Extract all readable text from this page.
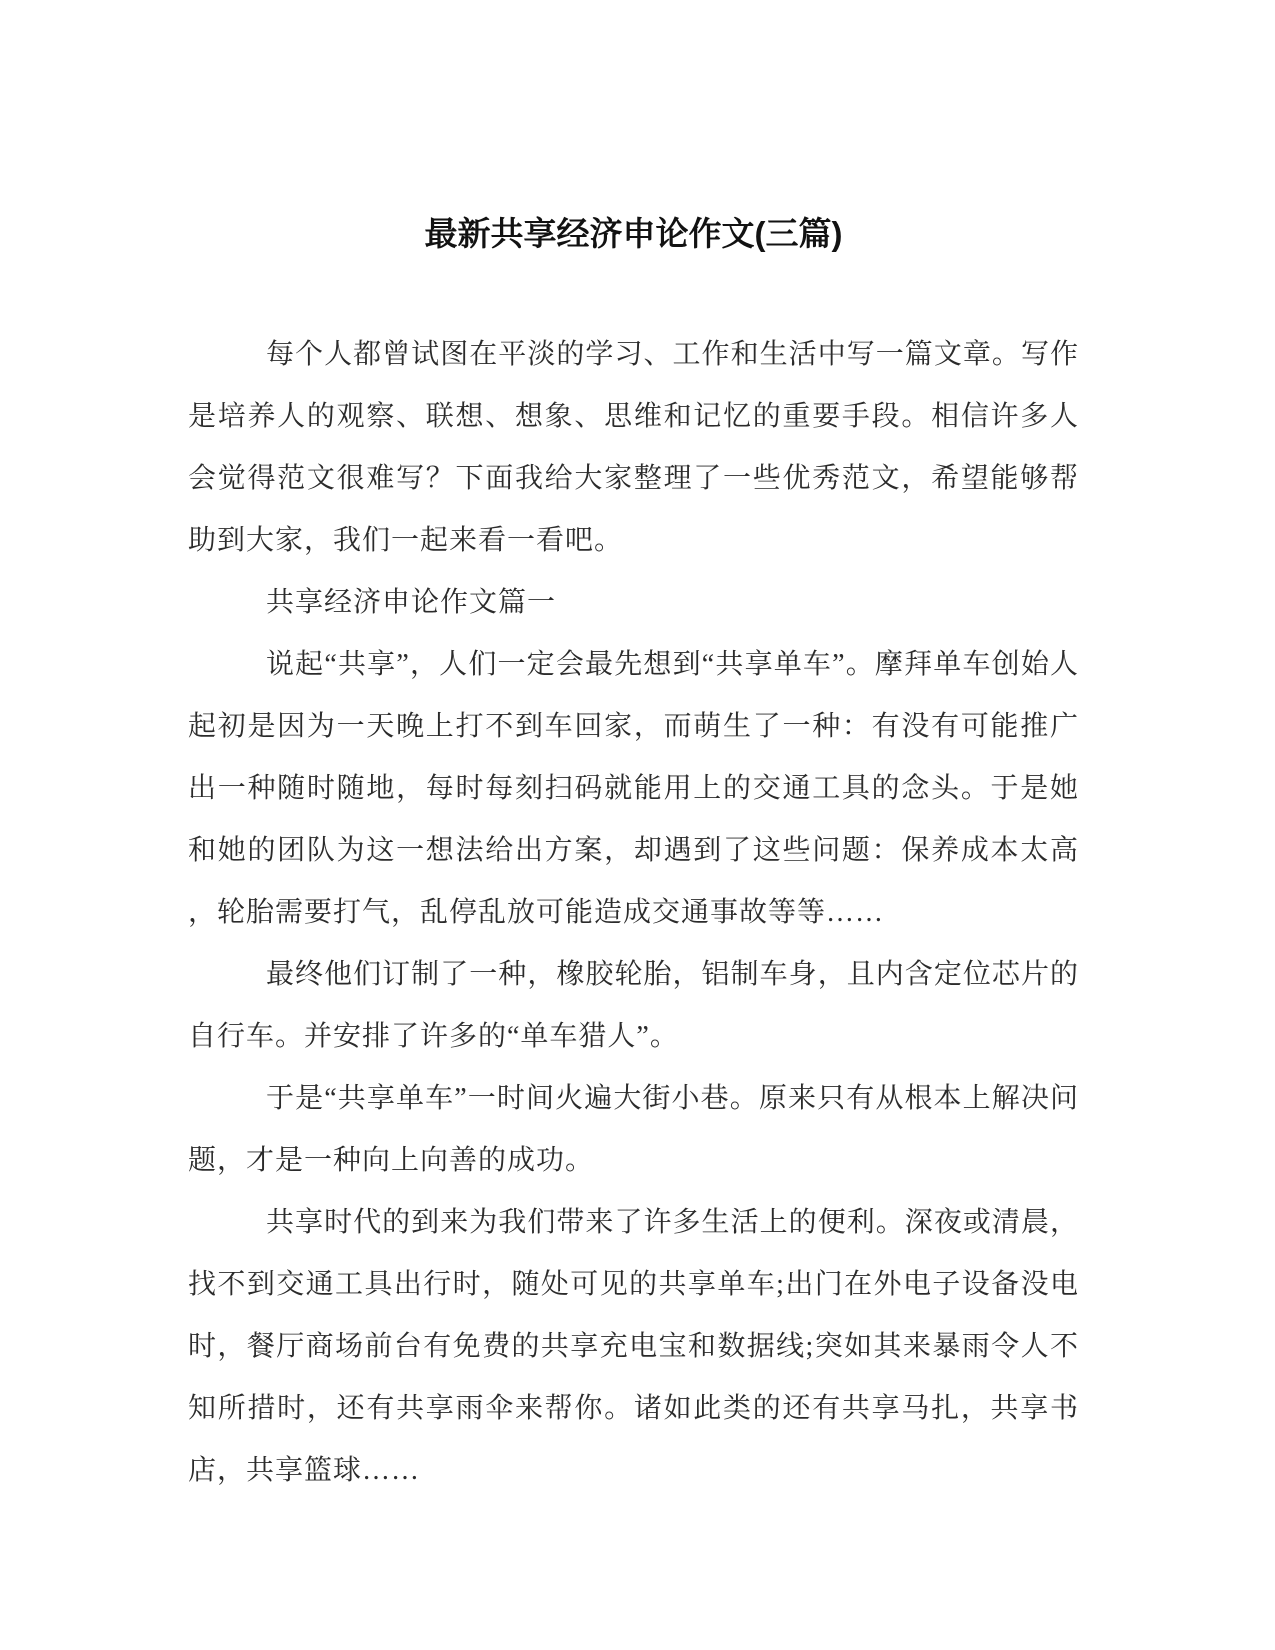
最新共享经济申论作文(三篇)
每个人都曾试图在平淡的学习、工作和生活中写一篇文章。写作
是培养人的观察、联想、想象、思维和记忆的重要手段。相信许多人
会觉得范文很难写？下面我给大家整理了一些优秀范文，希望能够帮
助到大家，我们一起来看一看吧。
共享经济申论作文篇一
说起“共享”，人们一定会最先想到“共享单车”。摩拜单车创始人
起初是因为一天晚上打不到车回家，而萌生了一种：有没有可能推广
出一种随时随地，每时每刻扫码就能用上的交通工具的念头。于是她
和她的团队为这一想法给出方案，却遇到了这些问题：保养成本太高
，轮胎需要打气，乱停乱放可能造成交通事故等等……
最终他们订制了一种，橡胶轮胎，铝制车身，且内含定位芯片的
自行车。并安排了许多的“单车猎人”。
于是“共享单车”一时间火遍大街小巷。原来只有从根本上解决问
题，才是一种向上向善的成功。
共享时代的到来为我们带来了许多生活上的便利。深夜或清晨，
找不到交通工具出行时，随处可见的共享单车;出门在外电子设备没电
时，餐厅商场前台有免费的共享充电宝和数据线;突如其来暴雨令人不
知所措时，还有共享雨伞来帮你。诸如此类的还有共享马扎，共享书
店，共享篮球……
